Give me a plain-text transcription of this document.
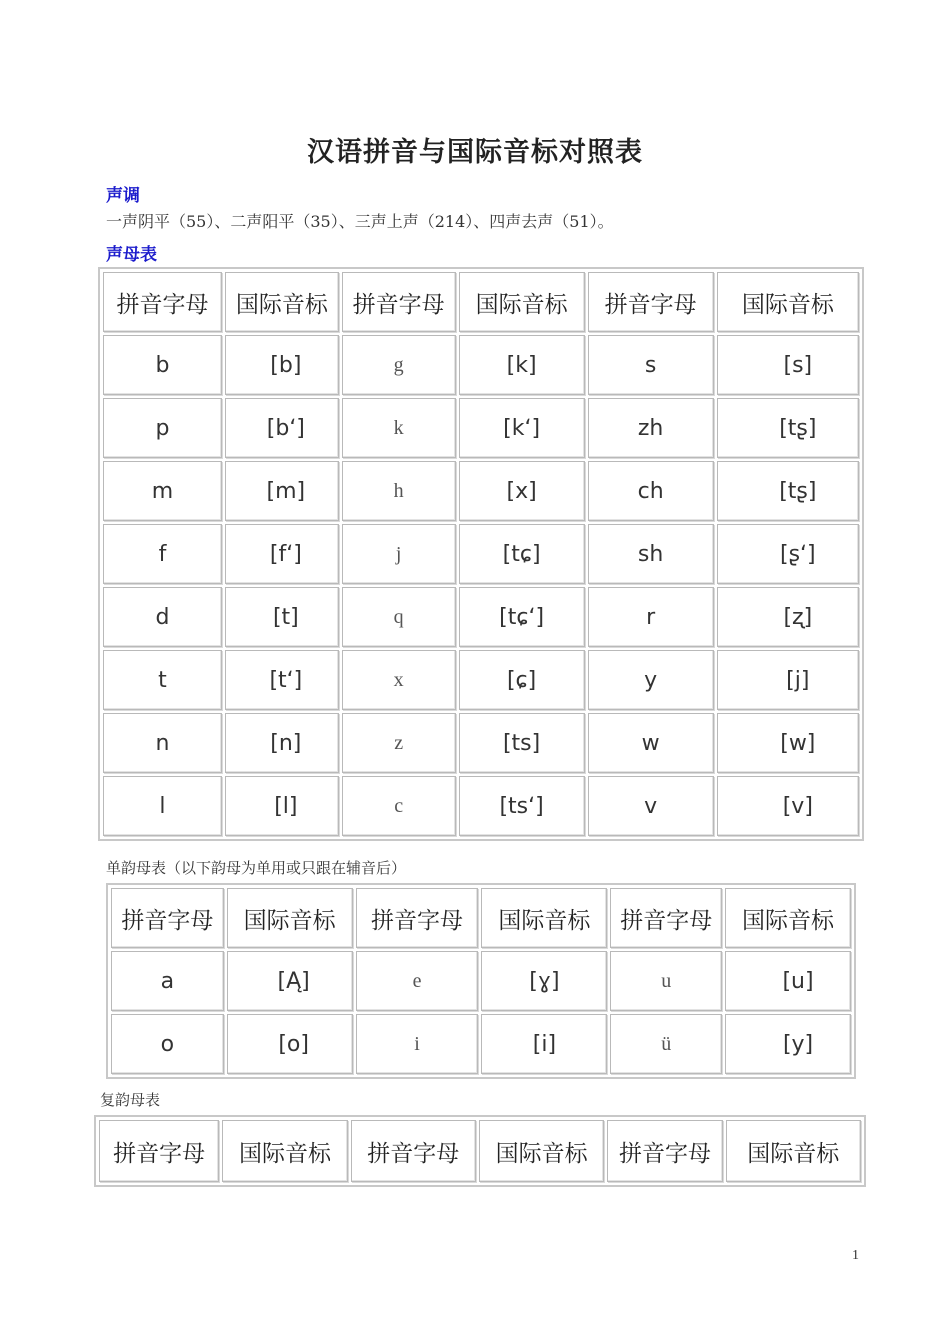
汉语拼音与国际音标对照表
声调
一声阴平（55）、二声阳平（35）、三声上声（214）、四声去声（51）。
声母表
拼音字母	国际音标	拼音字母	国际音标	拼音字母	国际音标
b	[b]	g	[k]	s	[s]
p	[bʻ]	k	[kʻ]	zh	[tʂ]
m	[m]	h	[x]	ch	[tʂ]
f	[fʻ]	j	[tɕ]	sh	[ʂʻ]
d	[t]	q	[tɕʻ]	r	[ʐ]
t	[tʻ]	x	[ɕ]	y	[j]
n	[n]	z	[ts]	w	[w]
l	[l]	c	[tsʻ]	v	[v]
单韵母表（以下韵母为单用或只跟在辅音后）
拼音字母	国际音标	拼音字母	国际音标	拼音字母	国际音标
a	[Ą]	e	[ɣ]	u	[u]
o	[o]	i	[i]	ü	[y]
复韵母表
拼音字母	国际音标	拼音字母	国际音标	拼音字母	国际音标
1
